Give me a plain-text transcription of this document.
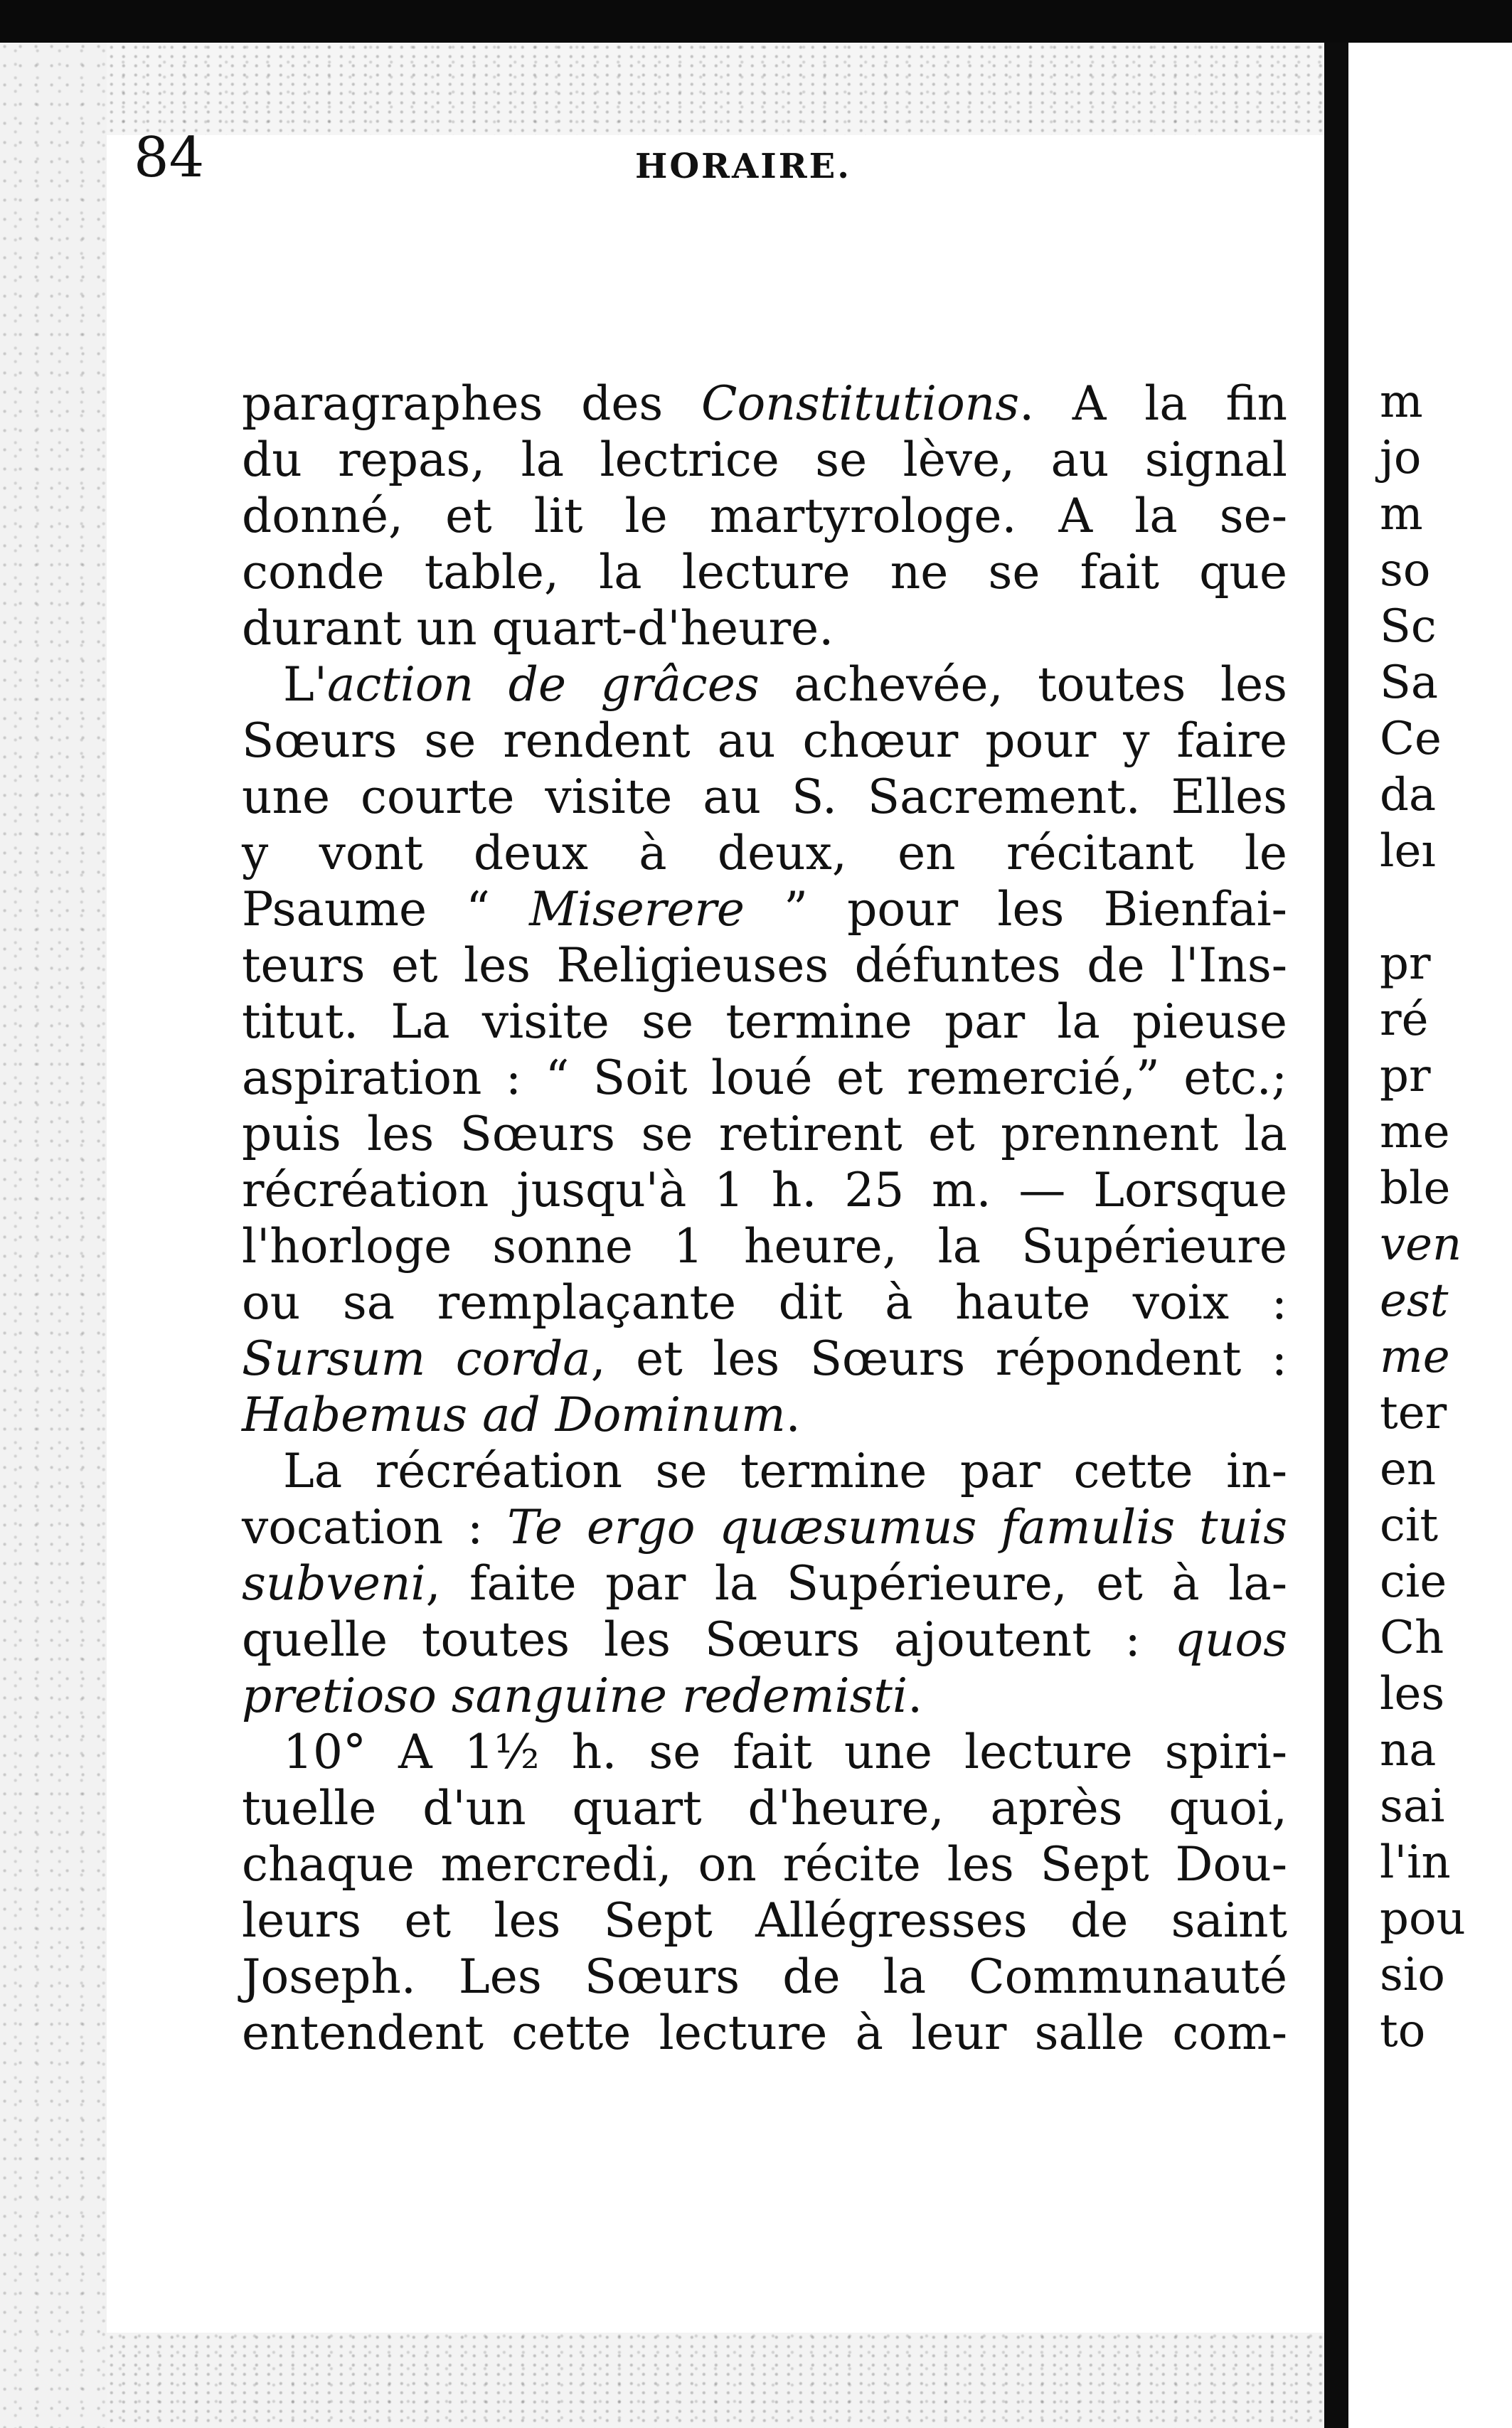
84	HORAIRE.
paragraphes des Constitutions. A la fin
du repas, la lectrice se lève, au signal
donné, et lit le martyrologe. A la se-
conde table, la lecture ne se fait que
durant un quart-d'heure.
L'action de grâces achevée, toutes les
Sœurs se rendent au chœur pour y faire
une courte visite au S. Sacrement. Elles
y vont deux à deux, en récitant le
Psaume “ Miserere ” pour les Bienfai-
teurs et les Religieuses défuntes de l'Ins-
titut. La visite se termine par la pieuse
aspiration : “ Soit loué et remercié,” etc.;
puis les Sœurs se retirent et prennent la
récréation jusqu'à 1 h. 25 m. — Lorsque
l'horloge sonne 1 heure, la Supérieure
ou sa remplaçante dit à haute voix :
Sursum corda, et les Sœurs répondent :
Habemus ad Dominum.
La récréation se termine par cette in-
vocation : Te ergo quæsumus famulis tuis
subveni, faite par la Supérieure, et à la-
quelle toutes les Sœurs ajoutent : quos
pretioso sanguine redemisti.
10° A 1½ h. se fait une lecture spiri-
tuelle d'un quart d'heure, après quoi,
chaque mercredi, on récite les Sept Dou-
leurs et les Sept Allégresses de saint
Joseph. Les Sœurs de la Communauté
entendent cette lecture à leur salle com-
m
jo
m
so
Sc
Sa
Ce
da
leı
pr
ré
pr
me
ble
ven
est
me
ter
en
cit
cie
Ch
les
na
sai
l'in
pou
sio
to
